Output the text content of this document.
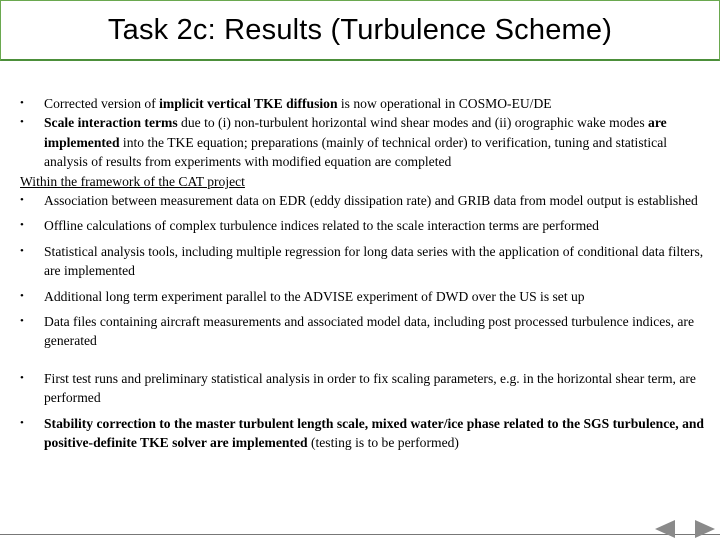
Task 2c: Results (Turbulence Scheme)
• Corrected version of implicit vertical TKE diffusion is now operational in COSMO-EU/DE
• Scale interaction terms due to (i) non-turbulent horizontal wind shear modes and (ii) orographic wake modes are implemented into the TKE equation; preparations (mainly of technical order) to verification, tuning and statistical analysis of results from experiments with modified equation are completed
Within the framework of the CAT project
• Association between measurement data on EDR (eddy dissipation rate) and GRIB data from model output is established
• Offline calculations of complex turbulence indices related to the scale interaction terms are performed
• Statistical analysis tools, including multiple regression for long data series with the application of conditional data filters, are implemented
• Additional long term experiment parallel to the ADVISE experiment of DWD over the US is set up
• Data files containing aircraft measurements and associated model data, including post processed turbulence indices, are generated
• First test runs and preliminary statistical analysis in order to fix scaling parameters, e.g. in the horizontal shear term, are performed
• Stability correction to the master turbulent length scale, mixed water/ice phase related to the SGS turbulence, and positive-definite TKE solver are implemented (testing is to be performed)
